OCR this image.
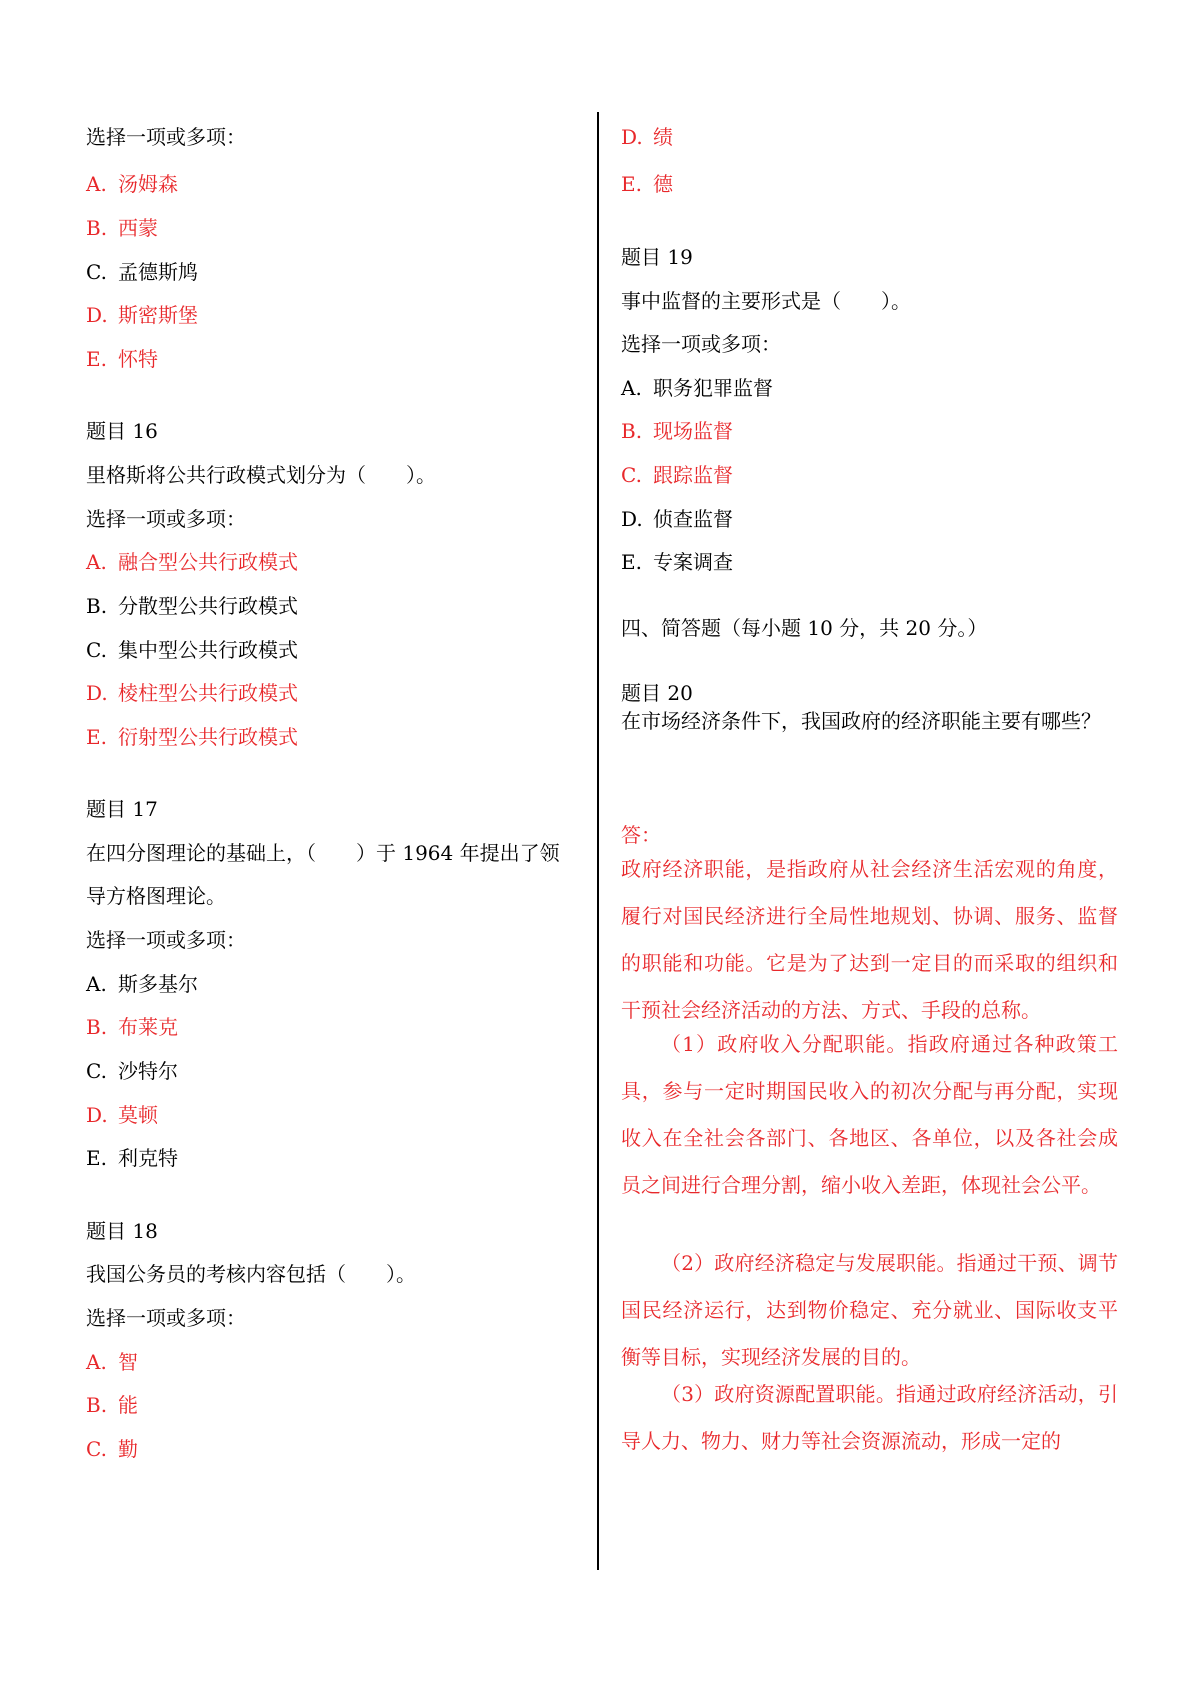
选择一项或多项：
A. 汤姆森
B. 西蒙
C. 孟德斯鸠
D. 斯密斯堡
E. 怀特
题目 16
里格斯将公共行政模式划分为（　　）。
选择一项或多项：
A. 融合型公共行政模式
B. 分散型公共行政模式
C. 集中型公共行政模式
D. 棱柱型公共行政模式
E. 衍射型公共行政模式
题目 17
在四分图理论的基础上，（　　）于 1964 年提出了领
导方格图理论。
选择一项或多项：
A. 斯多基尔
B. 布莱克
C. 沙特尔
D. 莫顿
E. 利克特
题目 18
我国公务员的考核内容包括（　　）。
选择一项或多项：
A. 智
B. 能
C. 勤
D. 绩
E. 德
题目 19
事中监督的主要形式是（　　）。
选择一项或多项：
A. 职务犯罪监督
B. 现场监督
C. 跟踪监督
D. 侦查监督
E. 专案调查
四、简答题（每小题 10 分，共 20 分。）
题目 20
在市场经济条件下，我国政府的经济职能主要有哪些？
答：
政府经济职能，是指政府从社会经济生活宏观的角度，履行对国民经济进行全局性地规划、协调、服务、监督的职能和功能。它是为了达到一定目的而采取的组织和干预社会经济活动的方法、方式、手段的总称。
（1）政府收入分配职能。指政府通过各种政策工具，参与一定时期国民收入的初次分配与再分配，实现收入在全社会各部门、各地区、各单位，以及各社会成员之间进行合理分割，缩小收入差距，体现社会公平。
（2）政府经济稳定与发展职能。指通过干预、调节国民经济运行，达到物价稳定、充分就业、国际收支平衡等目标，实现经济发展的目的。
（3）政府资源配置职能。指通过政府经济活动，引导人力、物力、财力等社会资源流动，形成一定的
